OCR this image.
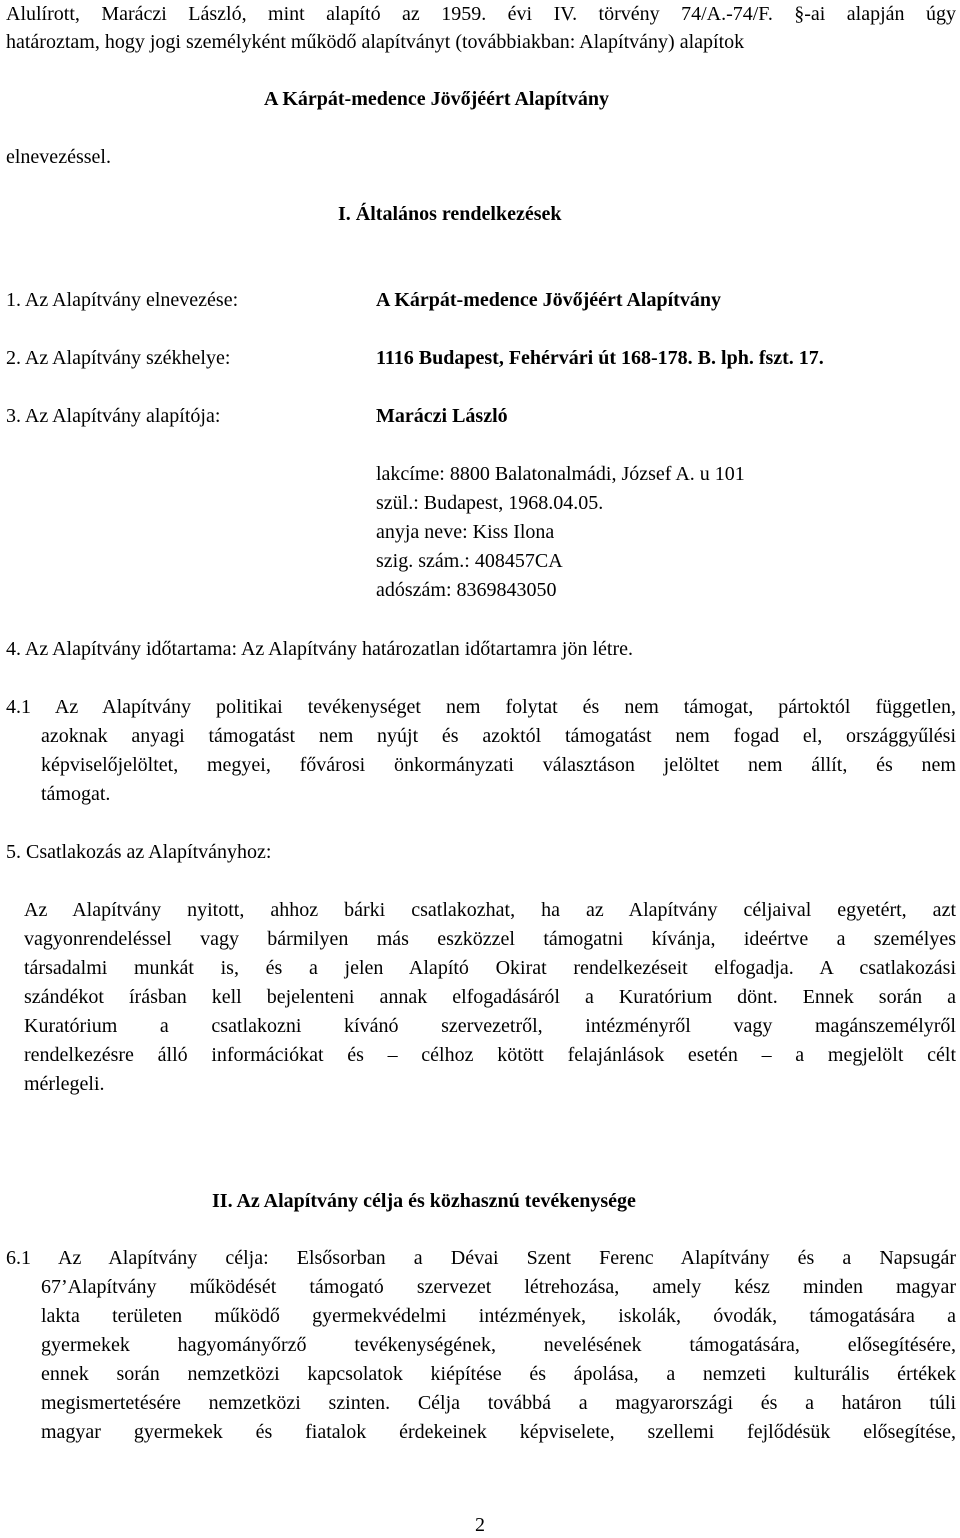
Alulírott, Maráczi László, mint alapító az 1959. évi IV. törvény 74/A.-74/F. §-ai alapján úgy
határoztam, hogy jogi személyként működő alapítványt (továbbiakban: Alapítvány) alapítok
A Kárpát-medence Jövőjéért Alapítvány
elnevezéssel.
I. Általános rendelkezések
1. Az Alapítvány elnevezése:	A Kárpát-medence Jövőjéért Alapítvány
2. Az Alapítvány székhelye:	1116 Budapest, Fehérvári út 168-178. B. lph. fszt. 17.
3. Az Alapítvány alapítója:	Maráczi László
lakcíme: 8800 Balatonalmádi, József A. u 101
szül.: Budapest, 1968.04.05.
anyja neve: Kiss Ilona
szig. szám.: 408457CA
adószám: 8369843050
4. Az Alapítvány időtartama: Az Alapítvány határozatlan időtartamra jön létre.
4.1 Az Alapítvány politikai tevékenységet nem folytat és nem támogat, pártoktól független,
azoknak anyagi támogatást nem nyújt és azoktól támogatást nem fogad el, országgyűlési
képviselőjelöltet, megyei, fővárosi önkormányzati választáson jelöltet nem állít, és nem
támogat.
5. Csatlakozás az Alapítványhoz:
Az Alapítvány nyitott, ahhoz bárki csatlakozhat, ha az Alapítvány céljaival egyetért, azt
vagyonrendeléssel vagy bármilyen más eszközzel támogatni kívánja, ideértve a személyes
társadalmi munkát is, és a jelen Alapító Okirat rendelkezéseit elfogadja. A csatlakozási
szándékot írásban kell bejelenteni annak elfogadásáról a Kuratórium dönt. Ennek során a
Kuratórium a csatlakozni kívánó szervezetről, intézményről vagy magánszemélyről
rendelkezésre álló információkat és – célhoz kötött felajánlások esetén – a megjelölt célt
mérlegeli.
II. Az Alapítvány célja és közhasznú tevékenysége
6.1 Az Alapítvány célja: Elsősorban a Dévai Szent Ferenc Alapítvány és a Napsugár
67’Alapítvány működését támogató szervezet létrehozása, amely kész minden magyar
lakta területen működő gyermekvédelmi intézmények, iskolák, óvodák, támogatására a
gyermekek hagyományőrző tevékenységének, nevelésének támogatására, elősegítésére,
ennek során nemzetközi kapcsolatok kiépítése és ápolása, a nemzeti kulturális értékek
megismertetésére nemzetközi szinten. Célja továbbá a magyarországi és a határon túli
magyar gyermekek és fiatalok érdekeinek képviselete, szellemi fejlődésük elősegítése,
2
